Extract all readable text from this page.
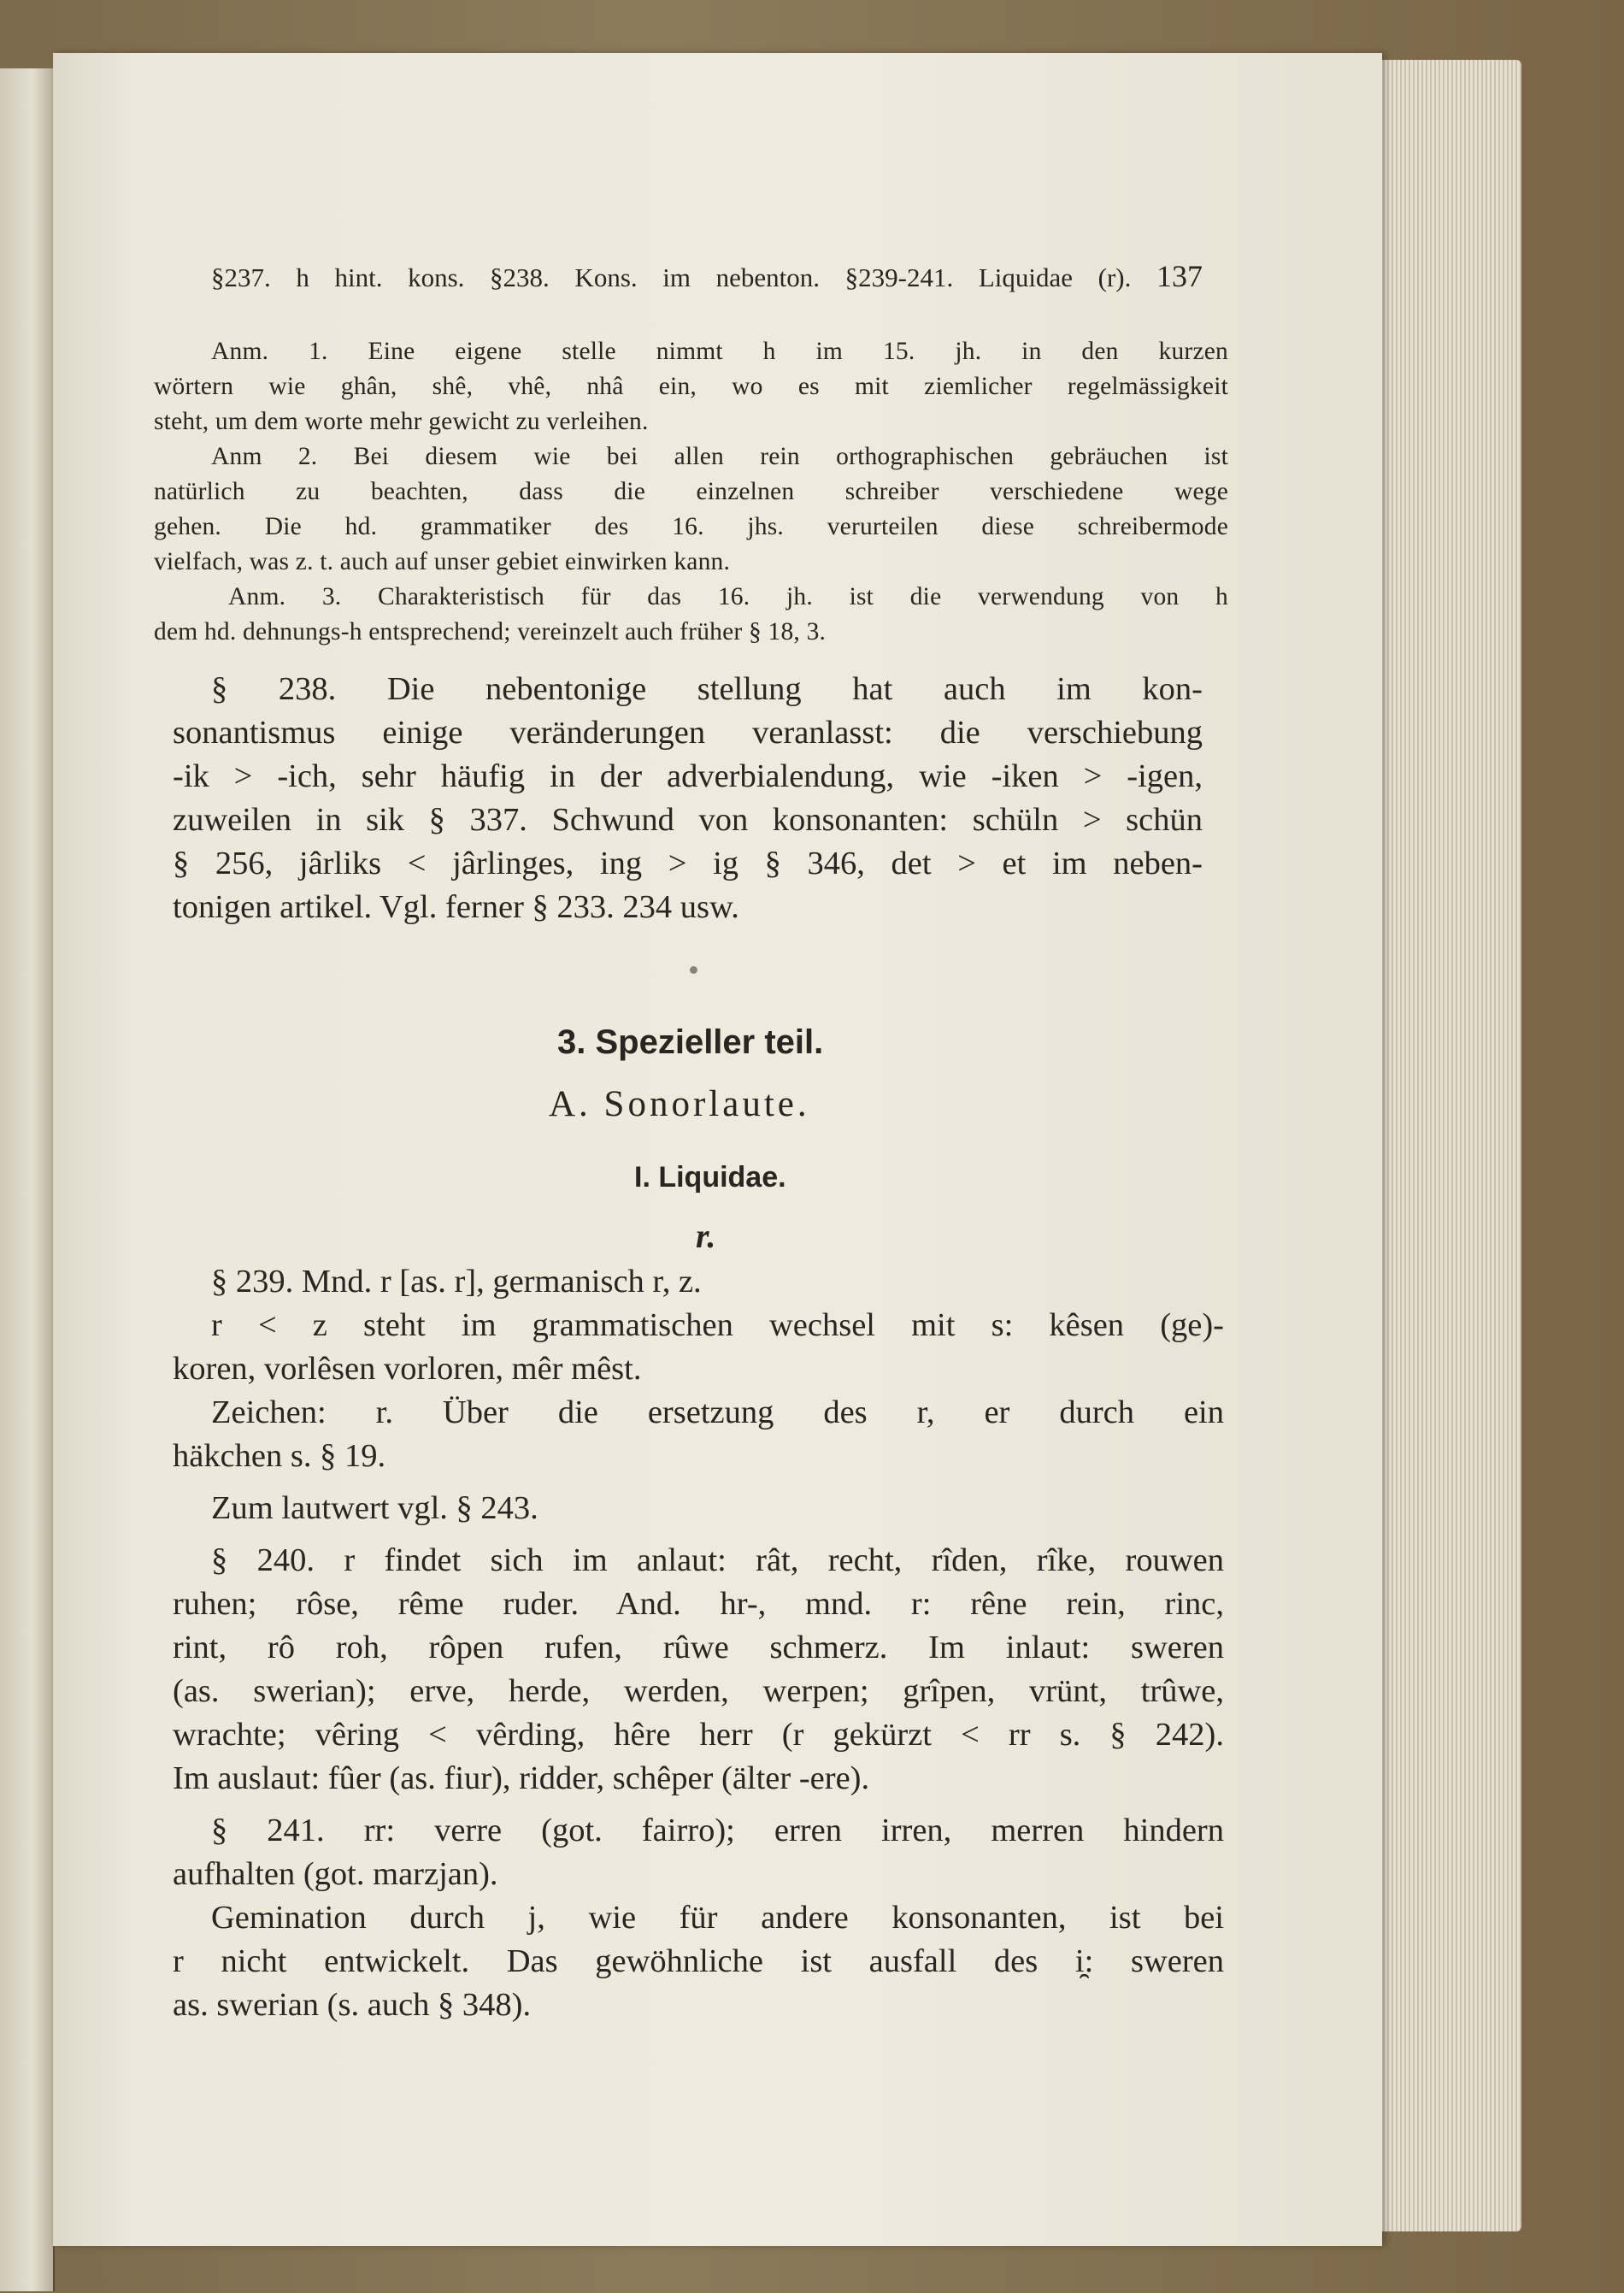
§237. h hint. kons. §238. Kons. im nebenton. §239-241. Liquidae (r). 137

Anm. 1. Eine eigene stelle nimmt h im 15. jh. in den kurzen

wörtern wie ghân, shê, vhê, nhâ ein, wo es mit ziemlicher regelmässigkeit

steht, um dem worte mehr gewicht zu verleihen.

Anm 2. Bei diesem wie bei allen rein orthographischen gebräuchen ist

natürlich zu beachten, dass die einzelnen schreiber verschiedene wege

gehen. Die hd. grammatiker des 16. jhs. verurteilen diese schreibermode

vielfach, was z. t. auch auf unser gebiet einwirken kann.

Anm. 3. Charakteristisch für das 16. jh. ist die verwendung von h

dem hd. dehnungs-h entsprechend; vereinzelt auch früher § 18, 3.

§ 238. Die nebentonige stellung hat auch im kon-

sonantismus einige veränderungen veranlasst: die verschiebung

-ik > -ich, sehr häufig in der adverbialendung, wie -iken > -igen,

zuweilen in sik § 337. Schwund von konsonanten: schüln > schün

§ 256, jârliks < jârlinges, ing > ig § 346, det > et im neben-

tonigen artikel. Vgl. ferner § 233. 234 usw.

3. Spezieller teil.
A. Sonorlaute.
I. Liquidae.
r.

§ 239. Mnd. r [as. r], germanisch r, z.

r < z steht im grammatischen wechsel mit s: kêsen (ge)-

koren, vorlêsen vorloren, mêr mêst.

Zeichen: r. Über die ersetzung des r, er durch ein

häkchen s. § 19.

Zum lautwert vgl. § 243.

§ 240. r findet sich im anlaut: rât, recht, rîden, rîke, rouwen

ruhen; rôse, rême ruder. And. hr-, mnd. r: rêne rein, rinc,

rint, rô roh, rôpen rufen, rûwe schmerz. Im inlaut: sweren

(as. swerian); erve, herde, werden, werpen; grîpen, vrünt, trûwe,

wrachte; vêring < vêrding, hêre herr (r gekürzt < rr s. § 242).

Im auslaut: fûer (as. fiur), ridder, schêper (älter -ere).

§ 241. rr: verre (got. fairro); erren irren, merren hindern

aufhalten (got. marzjan).

Gemination durch j, wie für andere konsonanten, ist bei

r nicht entwickelt. Das gewöhnliche ist ausfall des i̯: sweren

as. swerian (s. auch § 348).
